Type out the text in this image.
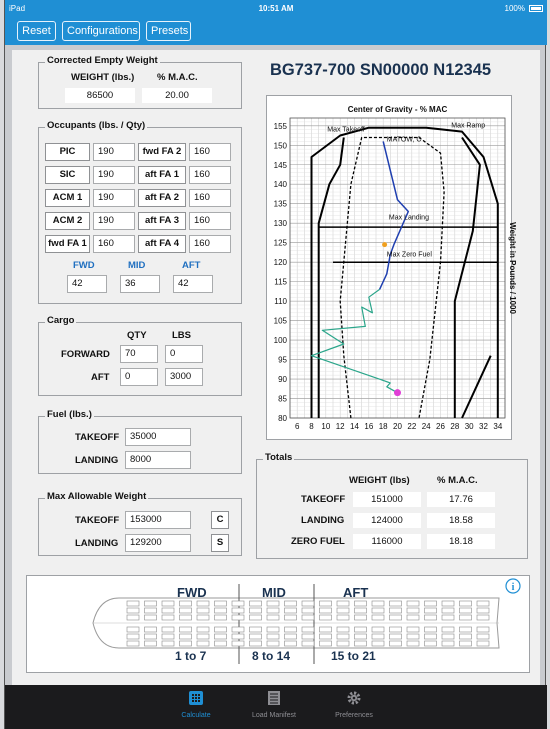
iPad	10:51 AM	100%
Reset	Configurations	Presets
Corrected Empty Weight
WEIGHT (lbs.) % M.A.C.
86500	20.00
Occupants (lbs. / Qty)
PIC	190	fwd FA 2	160
SIC	190	aft FA 1	160
ACM 1	190	aft FA 2	160
ACM 2	190	aft FA 3	160
fwd FA 1	160	aft FA 4	160
FWD	MID	AFT
42	36	42
Cargo
QTY	LBS
FORWARD	70	0
AFT	0	3000
Fuel (lbs.)
TAKEOFF	35000
LANDING	8000
Max Allowable Weight
TAKEOFF	153000	C
LANDING	129200	S
BG737-700 SN00000 N12345
6 8 10 12 14 16 18 20 22 24 26 28 30 32 34
80
85
90
95
100
105
110
115
120
125
130
135
140
145
150
155
Center of Gravity - % MAC
Weight in Pounds / 1000
Max Takeoff
Max Ramp
MATOW, C
Max Landing
Max Zero Fuel
Totals
WEIGHT (lbs)	% M.A.C.
TAKEOFF	151000	17.76
LANDING	124000	18.58
ZERO FUEL	116000	18.18
i
FWD	MID	AFT
1 to 7	8 to 14	15 to 21
Calculate	Load Manifest	Preferences
